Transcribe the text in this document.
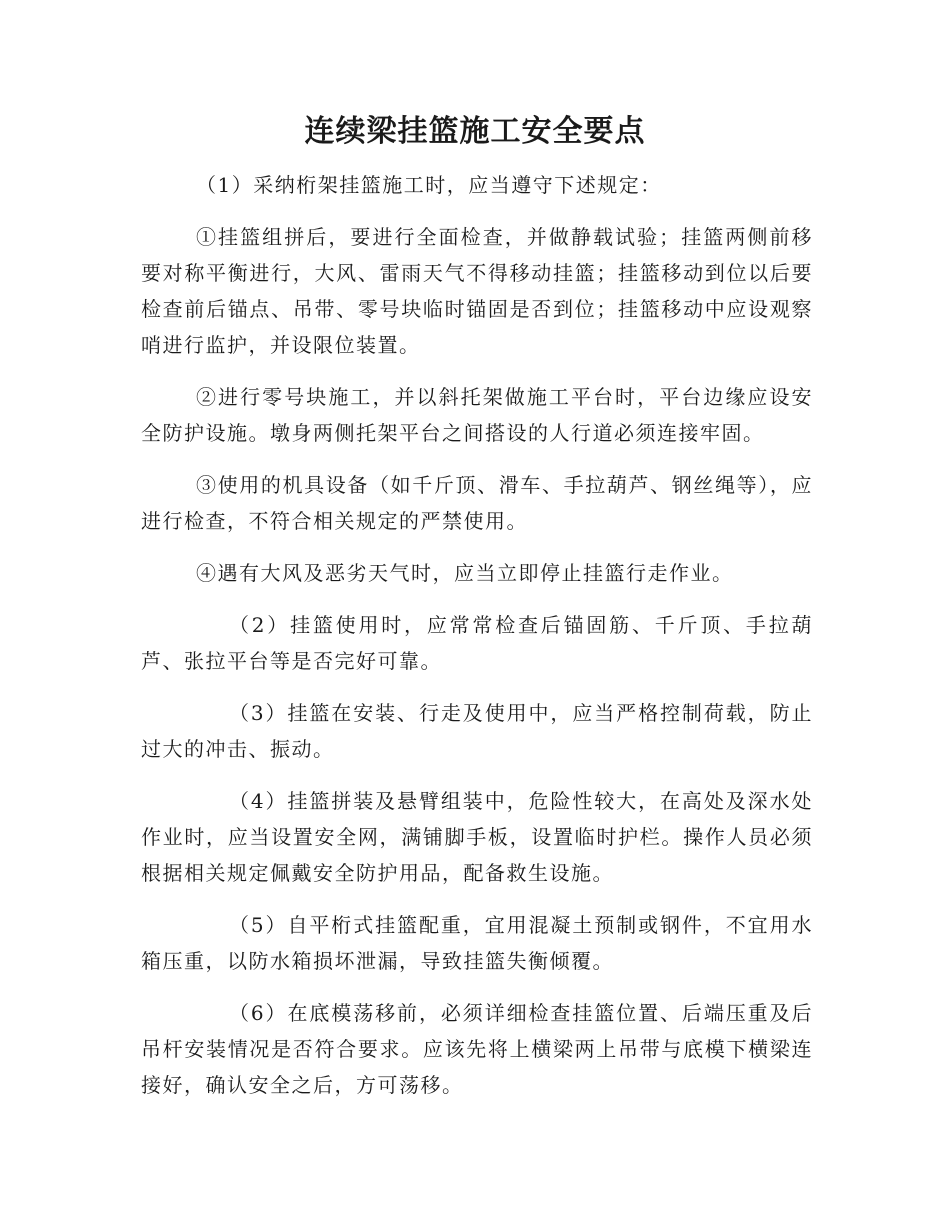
连续梁挂篮施工安全要点

（1）采纳桁架挂篮施工时，应当遵守下述规定：

①挂篮组拼后，要进行全面检查，并做静载试验；挂篮两侧前移要对称平衡进行，大风、雷雨天气不得移动挂篮；挂篮移动到位以后要检查前后锚点、吊带、零号块临时锚固是否到位；挂篮移动中应设观察哨进行监护，并设限位装置。

②进行零号块施工，并以斜托架做施工平台时，平台边缘应设安全防护设施。墩身两侧托架平台之间搭设的人行道必须连接牢固。

③使用的机具设备（如千斤顶、滑车、手拉葫芦、钢丝绳等），应进行检查，不符合相关规定的严禁使用。

④遇有大风及恶劣天气时，应当立即停止挂篮行走作业。

（2）挂篮使用时，应常常检查后锚固筋、千斤顶、手拉葫芦、张拉平台等是否完好可靠。

（3）挂篮在安装、行走及使用中，应当严格控制荷载，防止过大的冲击、振动。

（4）挂篮拼装及悬臂组装中，危险性较大，在高处及深水处作业时，应当设置安全网，满铺脚手板，设置临时护栏。操作人员必须根据相关规定佩戴安全防护用品，配备救生设施。

（5）自平桁式挂篮配重，宜用混凝土预制或钢件，不宜用水箱压重，以防水箱损坏泄漏，导致挂篮失衡倾覆。

（6）在底模荡移前，必须详细检查挂篮位置、后端压重及后吊杆安装情况是否符合要求。应该先将上横梁两上吊带与底模下横梁连接好，确认安全之后，方可荡移。
